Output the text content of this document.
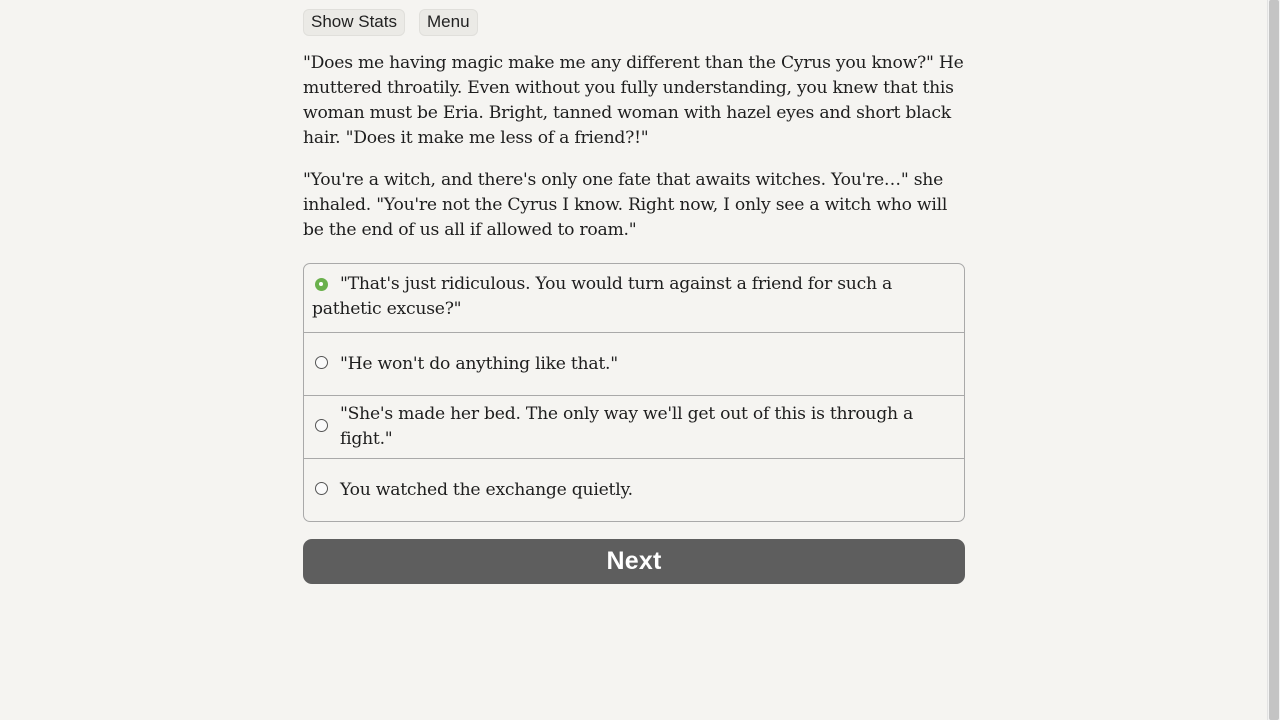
Show Stats	Menu

"Does me having magic make me any different than the Cyrus you know?" He muttered throatily. Even without you fully understanding, you knew that this woman must be Eria. Bright, tanned woman with hazel eyes and short black hair. "Does it make me less of a friend?!"

"You're a witch, and there's only one fate that awaits witches. You're…" she inhaled. "You're not the Cyrus I know. Right now, I only see a witch who will be the end of us all if allowed to roam."

"That's just ridiculous. You would turn against a friend for such a pathetic excuse?"
"He won't do anything like that."
"She's made her bed. The only way we'll get out of this is through a fight."
You watched the exchange quietly.
Next
